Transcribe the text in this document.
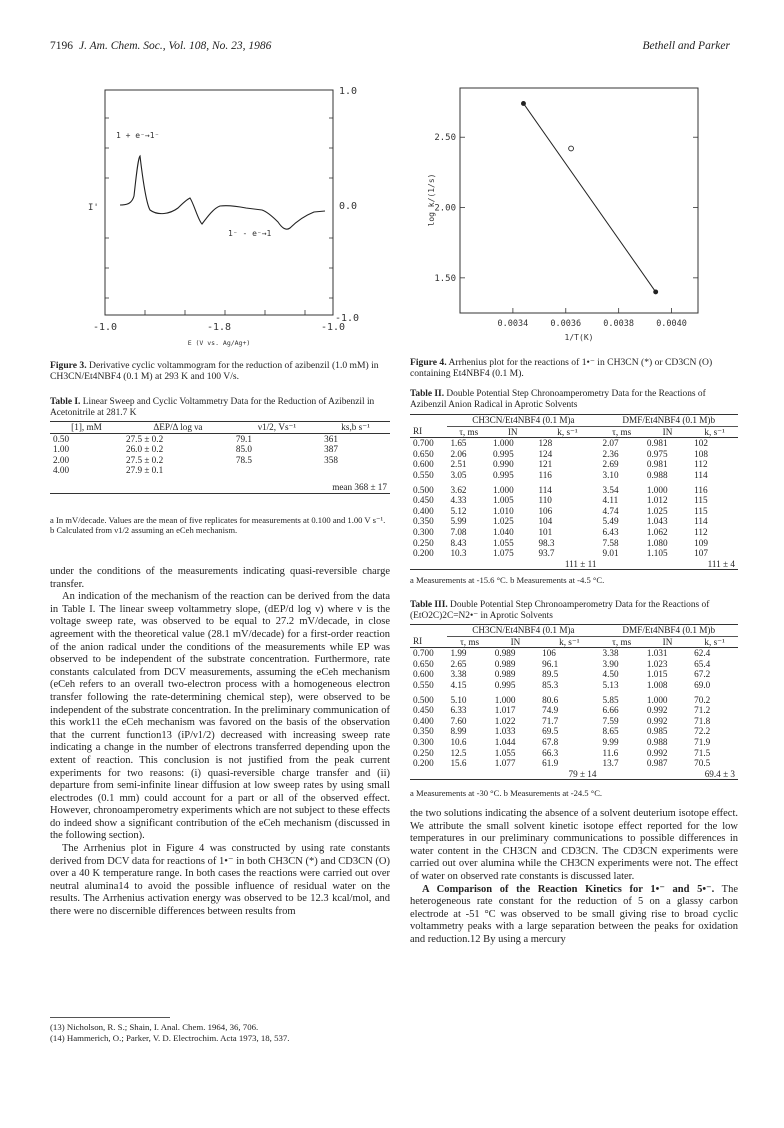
7196 J. Am. Chem. Soc., Vol. 108, No. 23, 1986	Bethell and Parker
1 + e⁻→1⁻
1⁻ - e⁻→1
I'
1.0
0.0
-1.0
-1.0	-1.8	-1.0
E (V vs. Ag/Ag+)
Figure 3. Derivative cyclic voltammogram for the reduction of azibenzil (1.0 mM) in CH3CN/Et4NBF4 (0.1 M) at 293 K and 100 V/s.
Table I. Linear Sweep and Cyclic Voltammetry Data for the Reduction of Azibenzil in Acetonitrile at 281.7 K
[1], mM	ΔEP/Δ log νa	ν1/2, Vs⁻¹	ks,b s⁻¹
0.50	27.5 ± 0.2	79.1	361
1.00	26.0 ± 0.2	85.0	387
2.00	27.5 ± 0.2	78.5	358
4.00	27.9 ± 0.1		
mean 368 ± 17			
a In mV/decade. Values are the mean of five replicates for measurements at 0.100 and 1.00 V s⁻¹. b Calculated from ν1/2 assuming an eCeh mechanism.

under the conditions of the measurements indicating quasi-reversible charge transfer.

An indication of the mechanism of the reaction can be derived from the data in Table I. The linear sweep voltammetry slope, (dEP/d log ν) where ν is the voltage sweep rate, was observed to be equal to 27.2 mV/decade, in close agreement with the theoretical value (28.1 mV/decade) for a first-order reaction of the anion radical under the conditions of the measurements while EP was observed to be independent of the substrate concentration. Furthermore, rate constants calculated from DCV measurements, assuming the eCeh mechanism (eCeh refers to an overall two-electron process with a homogeneous electron transfer following the rate-determining chemical step), were observed to be independent of the substrate concentration. In the preliminary communication of this work11 the eCeh mechanism was favored on the basis of the observation that the current function13 (iP/ν1/2) decreased with increasing sweep rate indicating a change in the number of electrons transferred depending upon the extent of reaction. This conclusion is not justified from the peak current experiments for two reasons: (i) quasi-reversible charge transfer and (ii) departure from semi-infinite linear diffusion at low sweep rates by using small electrodes (0.1 mm) could account for a part or all of the observed effect. However, chronoamperometry experiments which are not subject to these effects do indeed show a significant contribution of the eCeh mechanism (discussed in the following section).

The Arrhenius plot in Figure 4 was constructed by using rate constants derived from DCV data for reactions of 1•⁻ in both CH3CN (*) and CD3CN (O) over a 40 K temperature range. In both cases the reactions were carried out over neutral alumina14 to avoid the possible influence of residual water on the results. The Arrhenius activation energy was observed to be 12.3 kcal/mol, and there were no discernible differences between results from

(13) Nicholson, R. S.; Shain, I. Anal. Chem. 1964, 36, 706.
(14) Hammerich, O.; Parker, V. D. Electrochim. Acta 1973, 18, 537.
0.0034	0.0036	0.0038	0.0040
2.50
2.00
1.50
1/T(K)
log k/(1/s)
Figure 4. Arrhenius plot for the reactions of 1•⁻ in CH3CN (*) or CD3CN (O) containing Et4NBF4 (0.1 M).
Table II. Double Potential Step Chronoamperometry Data for the Reactions of Azibenzil Anion Radical in Aprotic Solvents
	CH3CN/Et4NBF4 (0.1 M)a			DMF/Et4NBF4 (0.1 M)b		
RI	τ, ms	IN	k, s⁻¹	τ, ms	IN	k, s⁻¹
0.700	1.65	1.000	128	2.07	0.981	102
0.650	2.06	0.995	124	2.36	0.975	108
0.600	2.51	0.990	121	2.69	0.981	112
0.550	3.05	0.995	116	3.10	0.988	114
0.500	3.62	1.000	114	3.54	1.000	116
0.450	4.33	1.005	110	4.11	1.012	115
0.400	5.12	1.010	106	4.74	1.025	115
0.350	5.99	1.025	104	5.49	1.043	114
0.300	7.08	1.040	101	6.43	1.062	112
0.250	8.43	1.055	98.3	7.58	1.080	109
0.200	10.3	1.075	93.7	9.01	1.105	107
			111 ± 11	111 ± 4		
a Measurements at -15.6 °C. b Measurements at -4.5 °C.
Table III. Double Potential Step Chronoamperometry Data for the Reactions of (EtO2C)2C=N2•⁻ in Aprotic Solvents
	CH3CN/Et4NBF4 (0.1 M)a			DMF/Et4NBF4 (0.1 M)b		
RI	τ, ms	IN	k, s⁻¹	τ, ms	IN	k, s⁻¹
0.700	1.99	0.989	106	3.38	1.031	62.4
0.650	2.65	0.989	96.1	3.90	1.023	65.4
0.600	3.38	0.989	89.5	4.50	1.015	67.2
0.550	4.15	0.995	85.3	5.13	1.008	69.0
0.500	5.10	1.000	80.6	5.85	1.000	70.2
0.450	6.33	1.017	74.9	6.66	0.992	71.2
0.400	7.60	1.022	71.7	7.59	0.992	71.8
0.350	8.99	1.033	69.5	8.65	0.985	72.2
0.300	10.6	1.044	67.8	9.99	0.988	71.9
0.250	12.5	1.055	66.3	11.6	0.992	71.5
0.200	15.6	1.077	61.9	13.7	0.987	70.5
			79 ± 14	69.4 ± 3		
a Measurements at -30 °C. b Measurements at -24.5 °C.

the two solutions indicating the absence of a solvent deuterium isotope effect. We attribute the small solvent kinetic isotope effect reported for the low temperatures in our preliminary communications to possible differences in water content in the CH3CN and CD3CN. The CD3CN experiments were carried out over alumina while the CH3CN experiments were not. The effect of water on observed rate constants is discussed later.

A Comparison of the Reaction Kinetics for 1•⁻ and 5•⁻. The heterogeneous rate constant for the reduction of 5 on a glassy carbon electrode at -51 °C was observed to be small giving rise to broad cyclic voltammetry peaks with a large separation between the peaks for oxidation and reduction.12 By using a mercury
